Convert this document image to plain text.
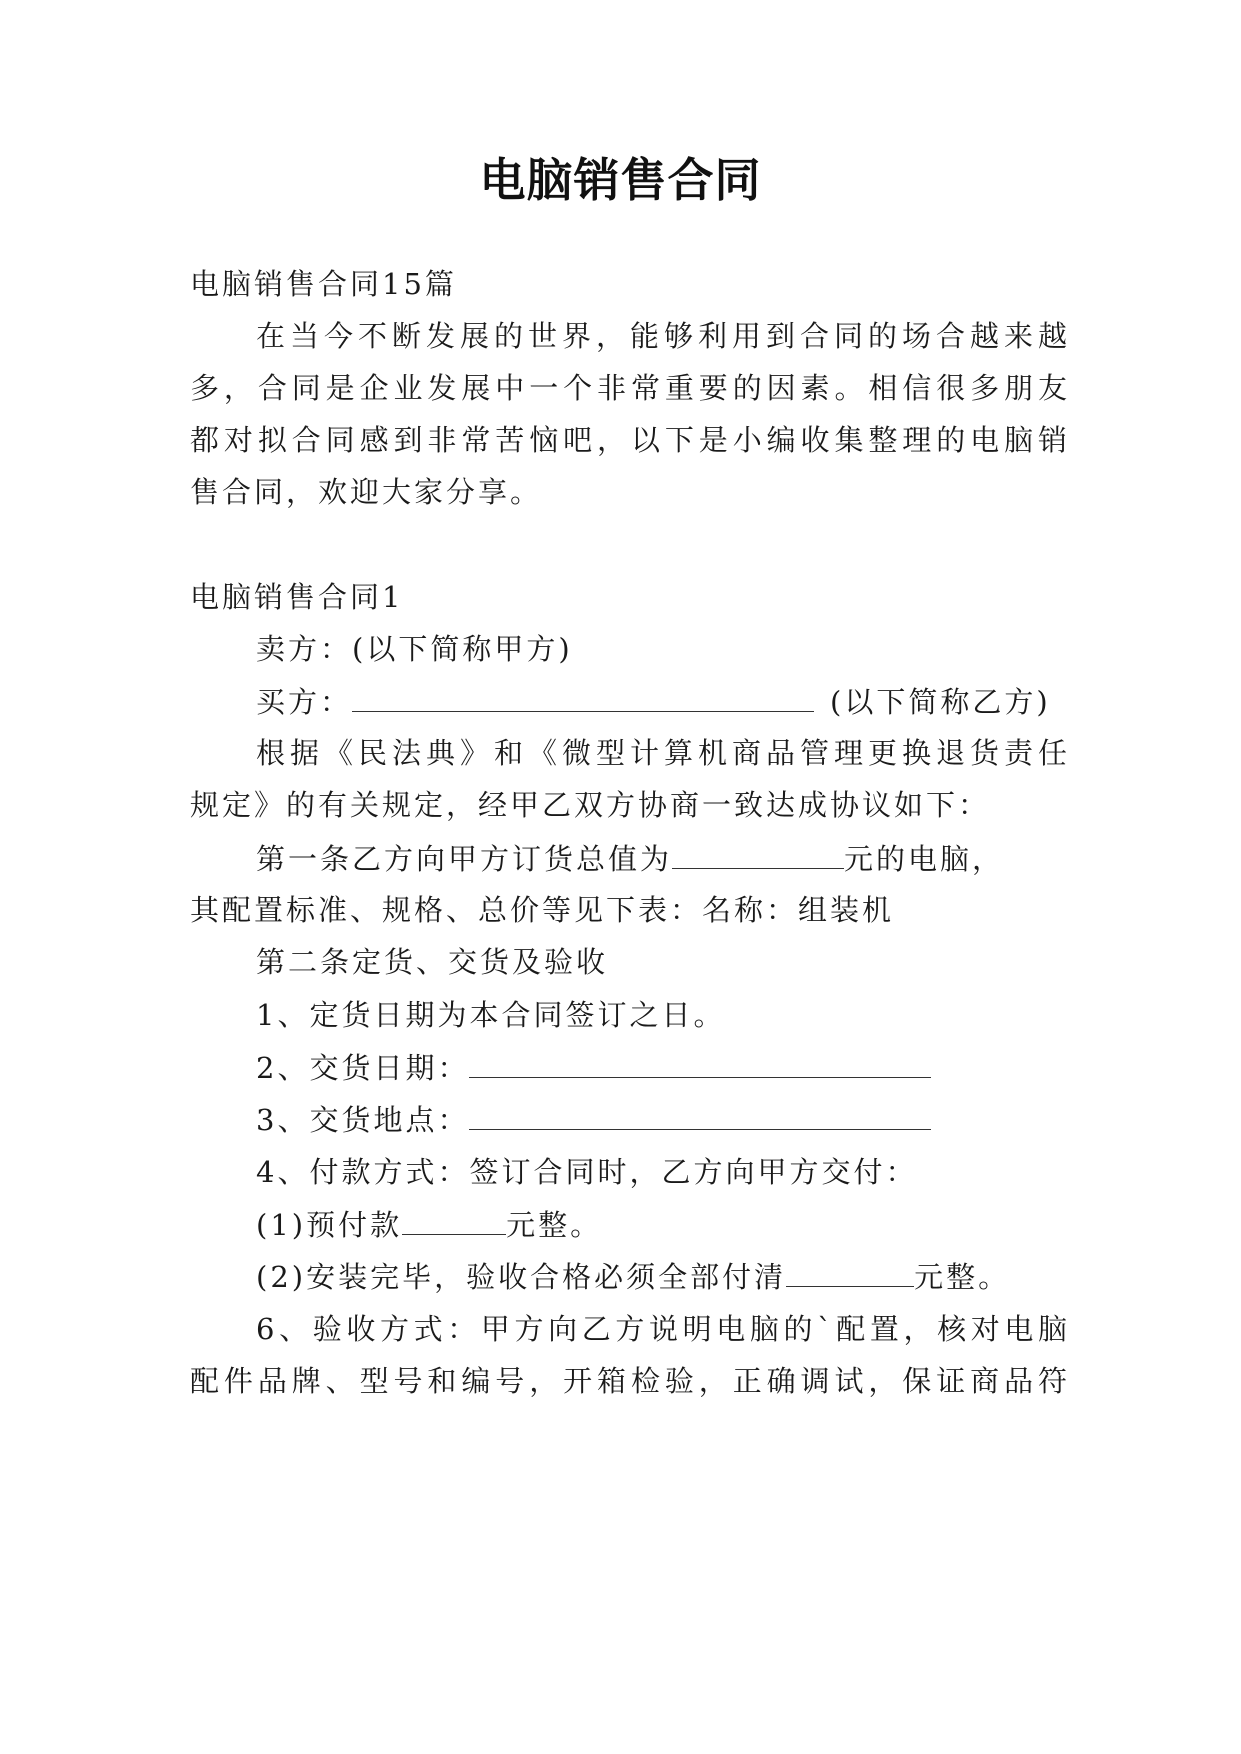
电脑销售合同
电脑销售合同15篇
在当今不断发展的世界，能够利用到合同的场合越来越
多，合同是企业发展中一个非常重要的因素。相信很多朋友
都对拟合同感到非常苦恼吧，以下是小编收集整理的电脑销
售合同，欢迎大家分享。
电脑销售合同1
卖方：(以下简称甲方)
买方：	(以下简称乙方)
根据《民法典》和《微型计算机商品管理更换退货责任
规定》的有关规定，经甲乙双方协商一致达成协议如下：
第一条乙方向甲方订货总值为	元的电脑，
其配置标准、规格、总价等见下表：名称：组装机
第二条定货、交货及验收
1、定货日期为本合同签订之日。
2、交货日期：
3、交货地点：
4、付款方式：签订合同时，乙方向甲方交付：
(1)预付款	元整。
(2)安装完毕，验收合格必须全部付清	元整。
6、验收方式：甲方向乙方说明电脑的`配置，核对电脑
配件品牌、型号和编号，开箱检验，正确调试，保证商品符
